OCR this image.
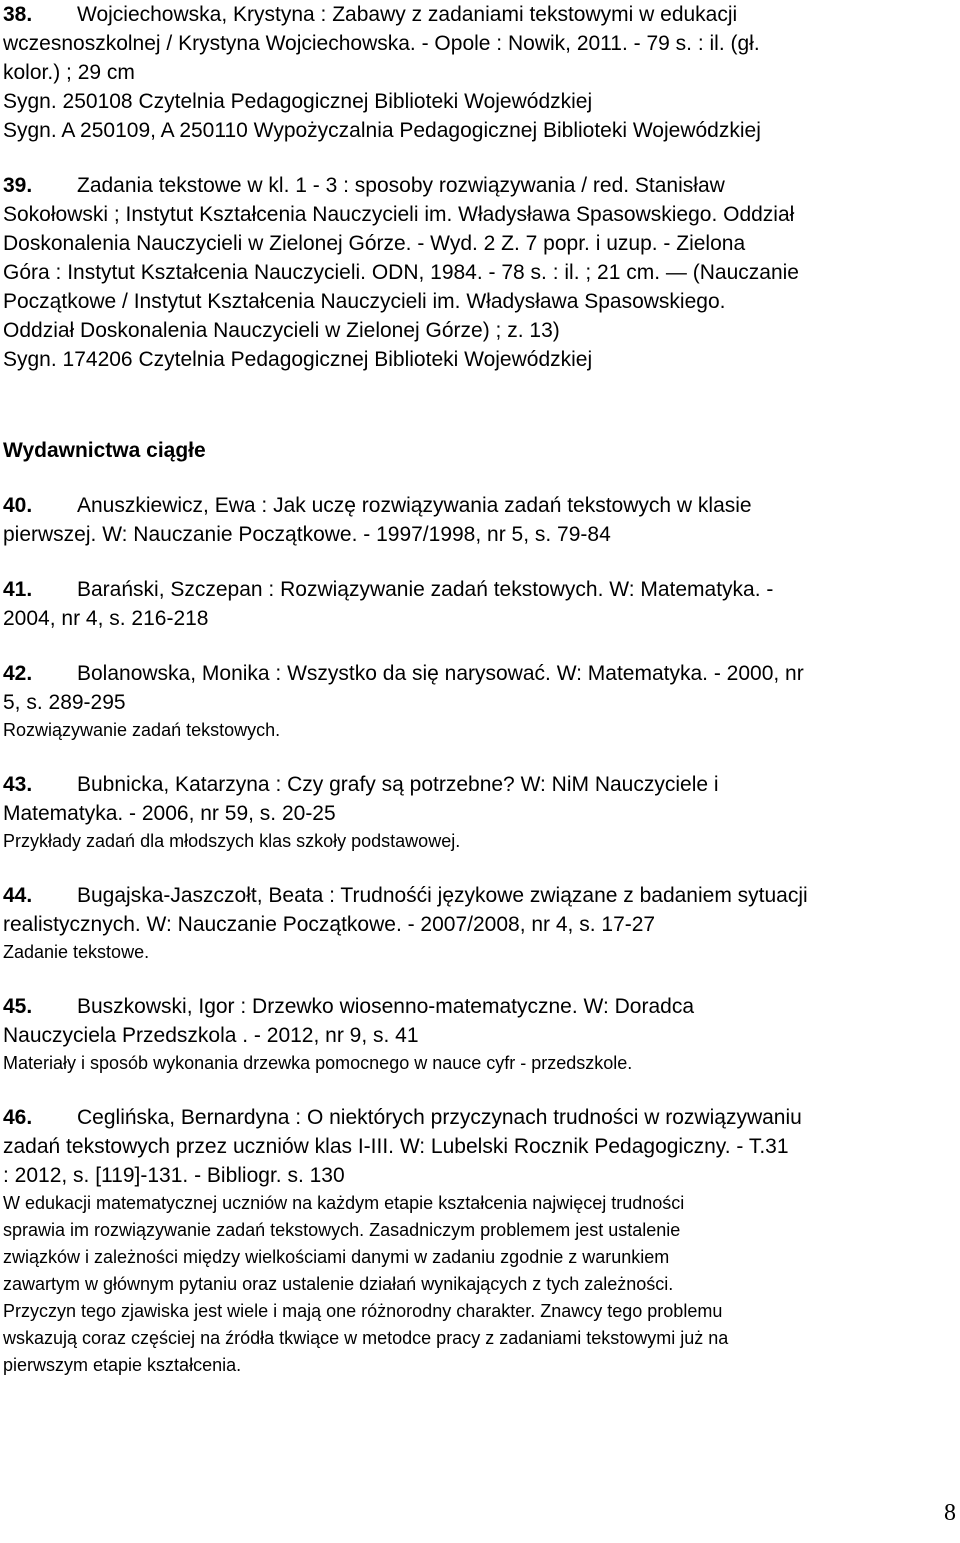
38. Wojciechowska, Krystyna : Zabawy z zadaniami tekstowymi w edukacji
wczesnoszkolnej / Krystyna Wojciechowska. - Opole : Nowik, 2011. - 79 s. : il. (gł.
kolor.) ; 29 cm
Sygn. 250108 Czytelnia Pedagogicznej Biblioteki Wojewódzkiej
Sygn. A 250109, A 250110 Wypożyczalnia Pedagogicznej Biblioteki Wojewódzkiej
39. Zadania tekstowe w kl. 1 - 3 : sposoby rozwiązywania / red. Stanisław
Sokołowski ; Instytut Kształcenia Nauczycieli im. Władysława Spasowskiego. Oddział
Doskonalenia Nauczycieli w Zielonej Górze. - Wyd. 2 Z. 7 popr. i uzup. - Zielona
Góra : Instytut Kształcenia Nauczycieli. ODN, 1984. - 78 s. : il. ; 21 cm. — (Nauczanie
Początkowe / Instytut Kształcenia Nauczycieli im. Władysława Spasowskiego.
Oddział Doskonalenia Nauczycieli w Zielonej Górze) ; z. 13)
Sygn. 174206 Czytelnia Pedagogicznej Biblioteki Wojewódzkiej
Wydawnictwa ciągłe
40. Anuszkiewicz, Ewa : Jak uczę rozwiązywania zadań tekstowych w klasie
pierwszej. W: Nauczanie Początkowe. - 1997/1998, nr 5, s. 79-84
41. Barański, Szczepan : Rozwiązywanie zadań tekstowych. W: Matematyka. -
2004, nr 4, s. 216-218
42. Bolanowska, Monika : Wszystko da się narysować. W: Matematyka. - 2000, nr
5, s. 289-295
Rozwiązywanie zadań tekstowych.
43. Bubnicka, Katarzyna : Czy grafy są potrzebne? W: NiM Nauczyciele i
Matematyka. - 2006, nr 59, s. 20-25
Przykłady zadań dla młodszych klas szkoły podstawowej.
44. Bugajska-Jaszczołt, Beata : Trudnośći językowe związane z badaniem sytuacji
realistycznych. W: Nauczanie Początkowe. - 2007/2008, nr 4, s. 17-27
Zadanie tekstowe.
45. Buszkowski, Igor : Drzewko wiosenno-matematyczne. W: Doradca
Nauczyciela Przedszkola . - 2012, nr 9, s. 41
Materiały i sposób wykonania drzewka pomocnego w nauce cyfr - przedszkole.
46. Ceglińska, Bernardyna : O niektórych przyczynach trudności w rozwiązywaniu
zadań tekstowych przez uczniów klas I-III. W: Lubelski Rocznik Pedagogiczny. - T.31
: 2012, s. [119]-131. - Bibliogr. s. 130
W edukacji matematycznej uczniów na każdym etapie kształcenia najwięcej trudności
sprawia im rozwiązywanie zadań tekstowych. Zasadniczym problemem jest ustalenie
związków i zależności między wielkościami danymi w zadaniu zgodnie z warunkiem
zawartym w głównym pytaniu oraz ustalenie działań wynikających z tych zależności.
Przyczyn tego zjawiska jest wiele i mają one różnorodny charakter. Znawcy tego problemu
wskazują coraz częściej na źródła tkwiące w metodce pracy z zadaniami tekstowymi już na
pierwszym etapie kształcenia.
8
